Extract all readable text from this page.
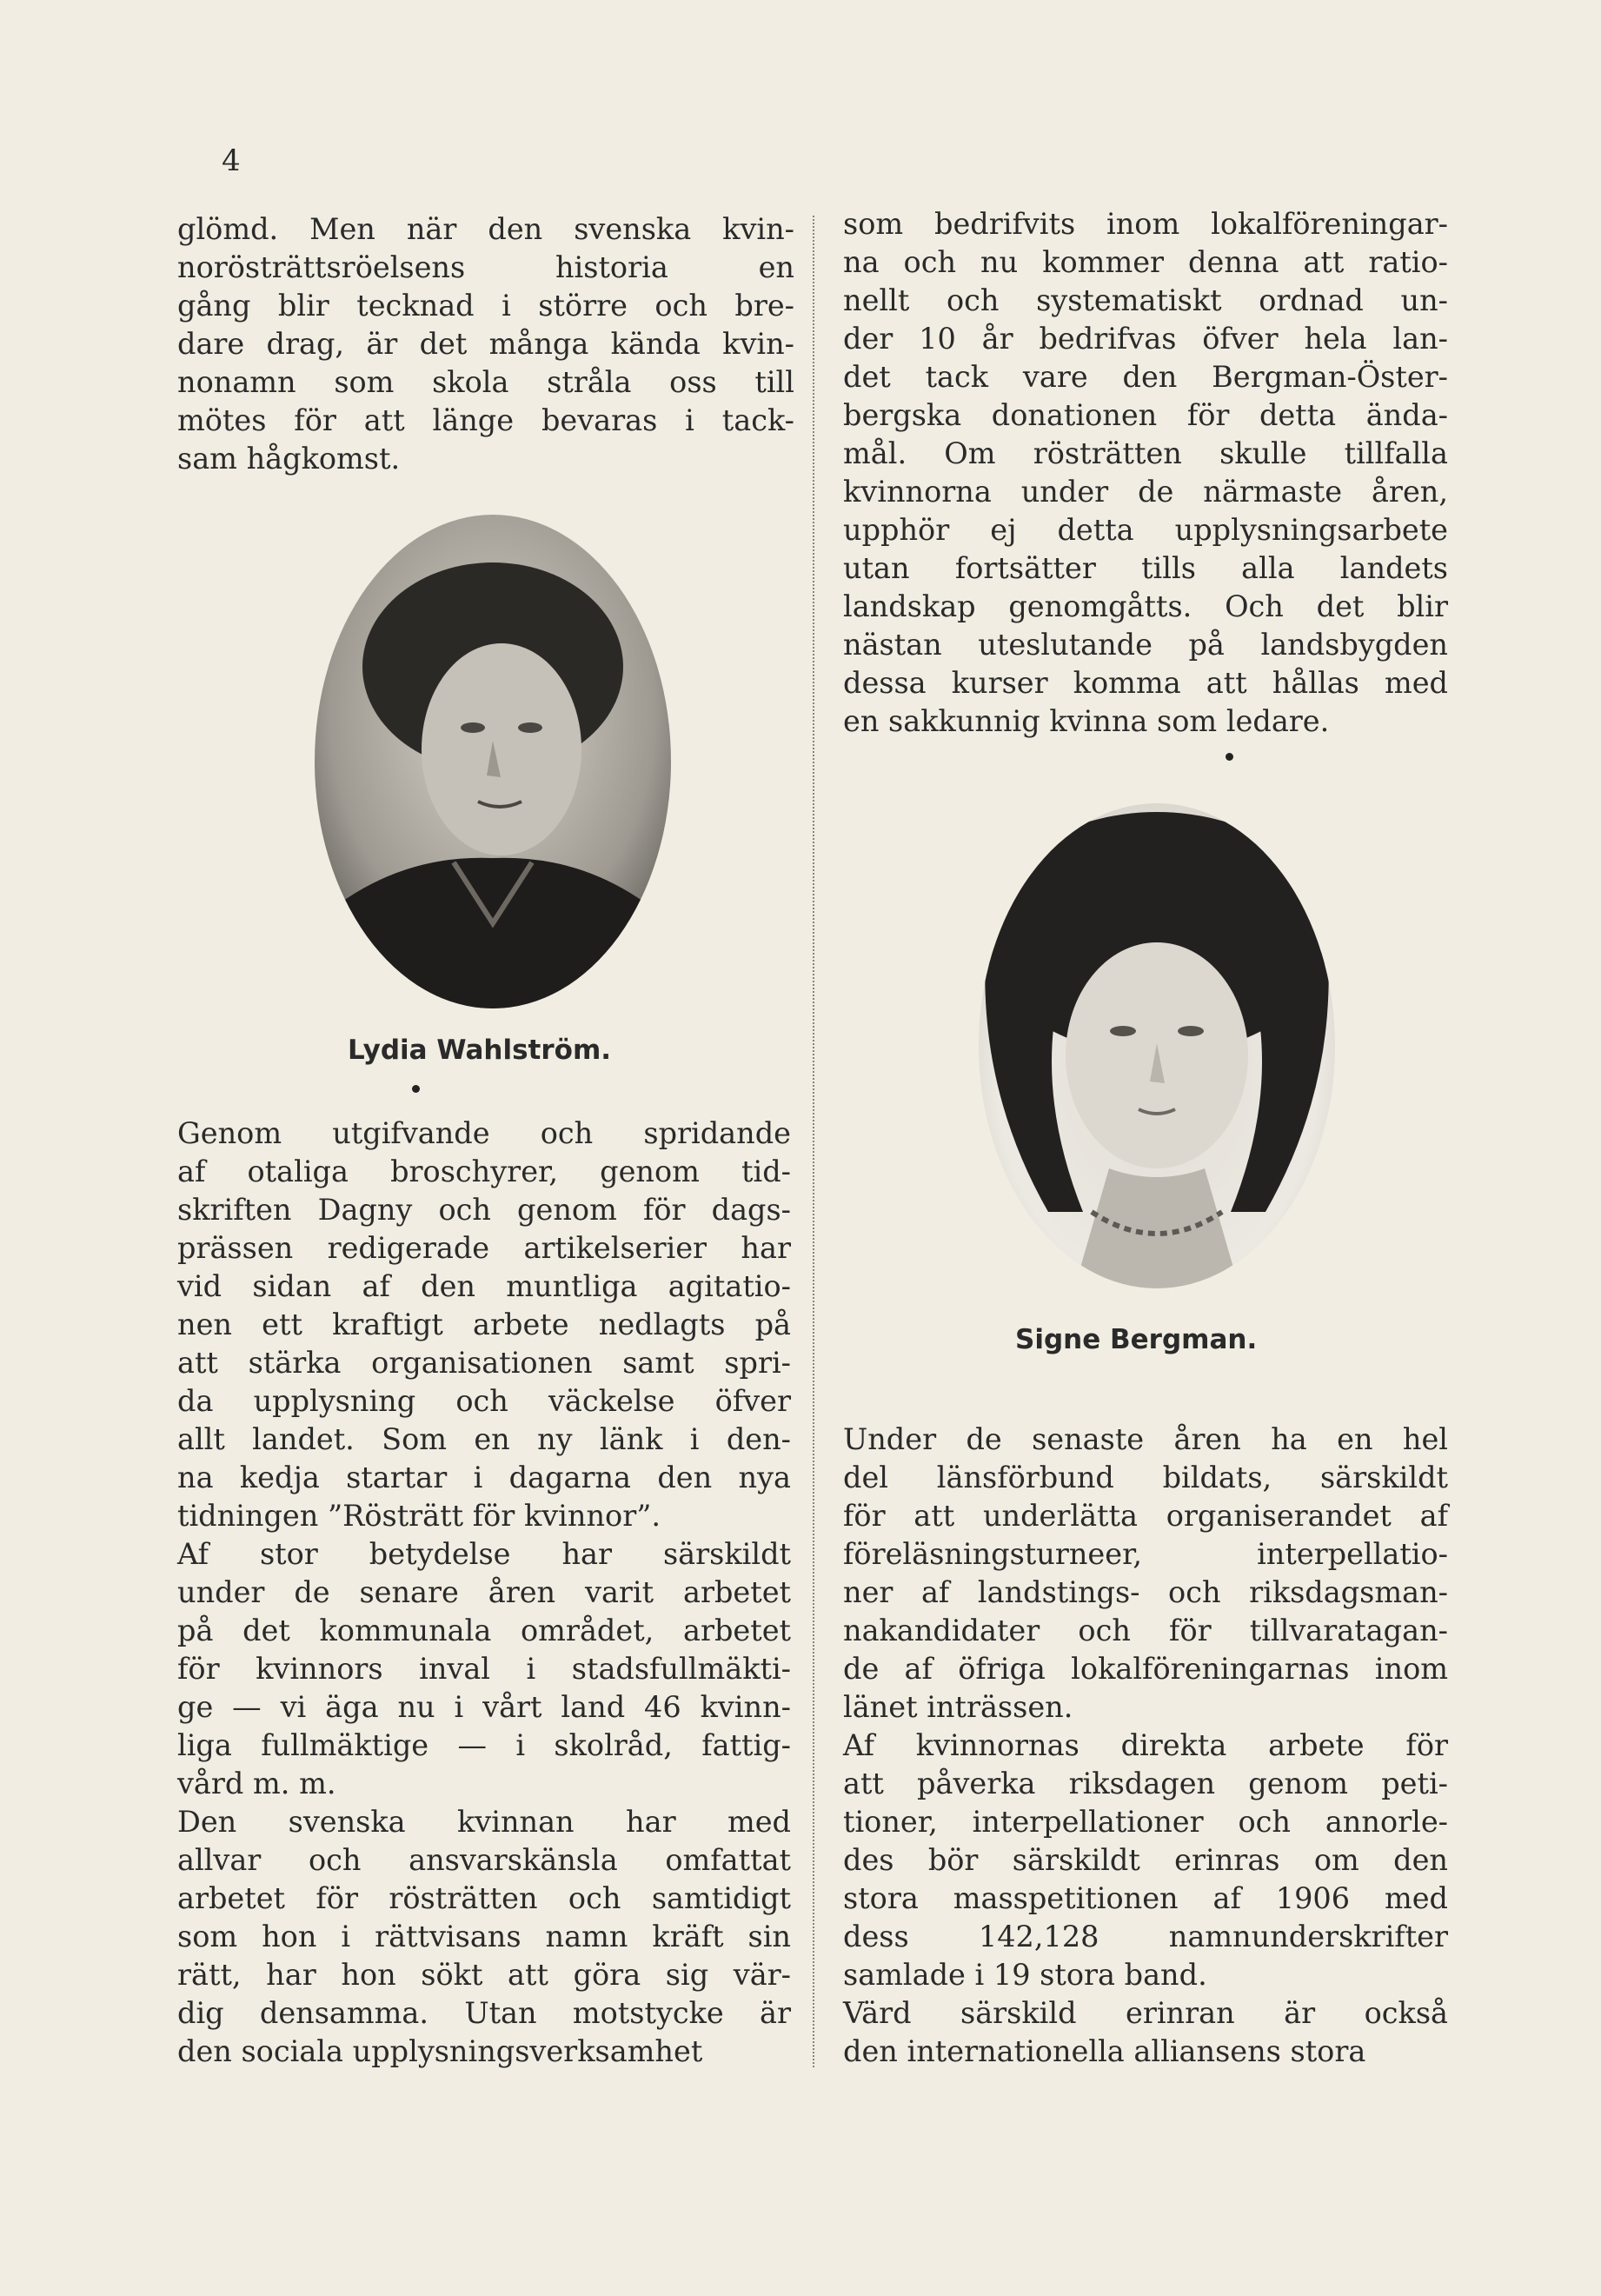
4
glömd. Men när den svenska kvin-
norösträttsröelsens historia en
gång blir tecknad i större och bre-
dare drag, är det många kända kvin-
nonamn som skola stråla oss till
mötes för att länge bevaras i tack-
sam hågkomst.
Lydia Wahlström.
Genom utgifvande och spridande
af otaliga broschyrer, genom tid-
skriften Dagny och genom för dags-
prässen redigerade artikelserier har
vid sidan af den muntliga agitatio-
nen ett kraftigt arbete nedlagts på
att stärka organisationen samt spri-
da upplysning och väckelse öfver
allt landet. Som en ny länk i den-
na kedja startar i dagarna den nya
tidningen ”Rösträtt för kvinnor”.
Af stor betydelse har särskildt
under de senare åren varit arbetet
på det kommunala området, arbetet
för kvinnors inval i stadsfullmäkti-
ge — vi äga nu i vårt land 46 kvinn-
liga fullmäktige — i skolråd, fattig-
vård m. m.
Den svenska kvinnan har med
allvar och ansvarskänsla omfattat
arbetet för rösträtten och samtidigt
som hon i rättvisans namn kräft sin
rätt, har hon sökt att göra sig vär-
dig densamma. Utan motstycke är
den sociala upplysningsverksamhet
som bedrifvits inom lokalföreningar-
na och nu kommer denna att ratio-
nellt och systematiskt ordnad un-
der 10 år bedrifvas öfver hela lan-
det tack vare den Bergman-Öster-
bergska donationen för detta ända-
mål. Om rösträtten skulle tillfalla
kvinnorna under de närmaste åren,
upphör ej detta upplysningsarbete
utan fortsätter tills alla landets
landskap genomgåtts. Och det blir
nästan uteslutande på landsbygden
dessa kurser komma att hållas med
en sakkunnig kvinna som ledare.
Signe Bergman.
Under de senaste åren ha en hel
del länsförbund bildats, särskildt
för att underlätta organiserandet af
föreläsningsturneer, interpellatio-
ner af landstings- och riksdagsman-
nakandidater och för tillvaratagan-
de af öfriga lokalföreningarnas inom
länet inträssen.
Af kvinnornas direkta arbete för
att påverka riksdagen genom peti-
tioner, interpellationer och annorle-
des bör särskildt erinras om den
stora masspetitionen af 1906 med
dess 142,128 namnunderskrifter
samlade i 19 stora band.
Värd särskild erinran är också
den internationella alliansens stora
